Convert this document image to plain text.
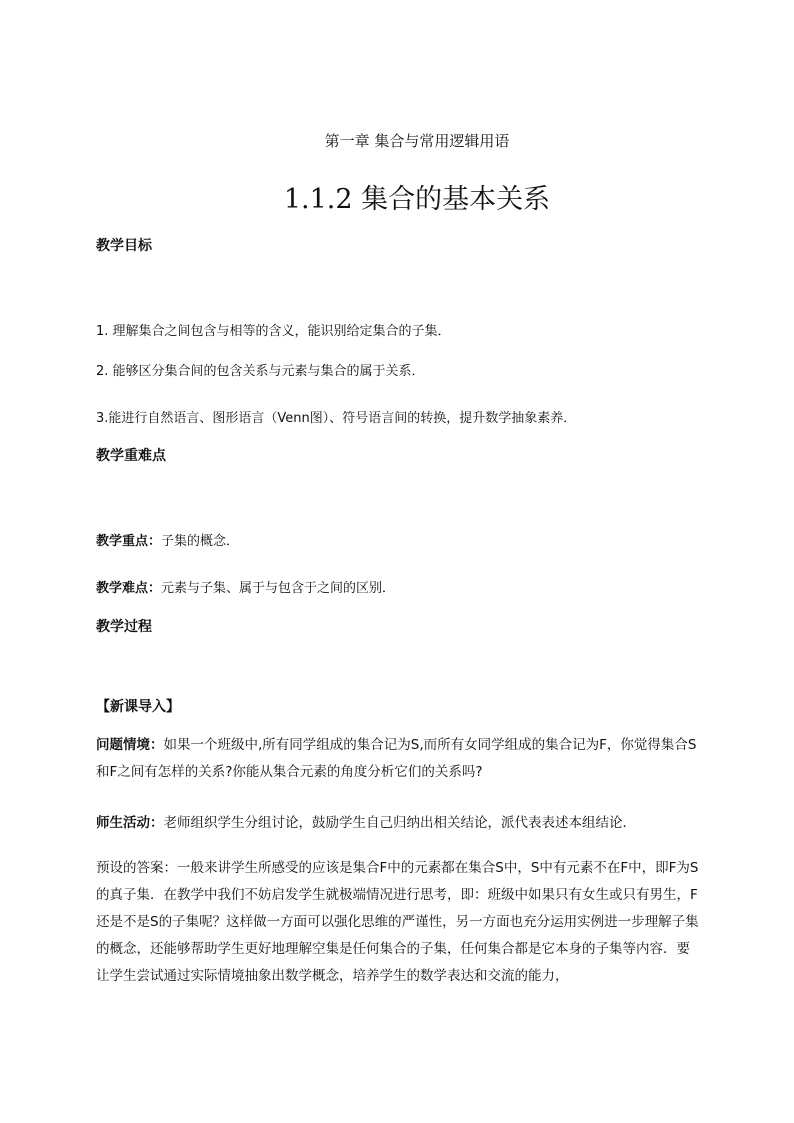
第一章 集合与常用逻辑用语
1.1.2 集合的基本关系
教学目标
1. 理解集合之间包含与相等的含义，能识别给定集合的子集．
2. 能够区分集合间的包含关系与元素与集合的属于关系．
3.能进行自然语言、图形语言（Venn图）、符号语言间的转换，提升数学抽象素养．
教学重难点
教学重点：子集的概念．
教学难点：元素与子集、属于与包含于之间的区别．
教学过程
【新课导入】
问题情境：如果一个班级中,所有同学组成的集合记为S,而所有女同学组成的集合记为F，你觉得集合S和F之间有怎样的关系?你能从集合元素的角度分析它们的关系吗?
师生活动：老师组织学生分组讨论，鼓励学生自己归纳出相关结论，派代表表述本组结论．
预设的答案：一般来讲学生所感受的应该是集合F中的元素都在集合S中，S中有元素不在F中，即F为S的真子集．在教学中我们不妨启发学生就极端情况进行思考，即：班级中如果只有女生或只有男生，F还是不是S的子集呢？这样做一方面可以强化思维的严谨性，另一方面也充分运用实例进一步理解子集的概念，还能够帮助学生更好地理解空集是任何集合的子集，任何集合都是它本身的子集等内容．要让学生尝试通过实际情境抽象出数学概念，培养学生的数学表达和交流的能力，
